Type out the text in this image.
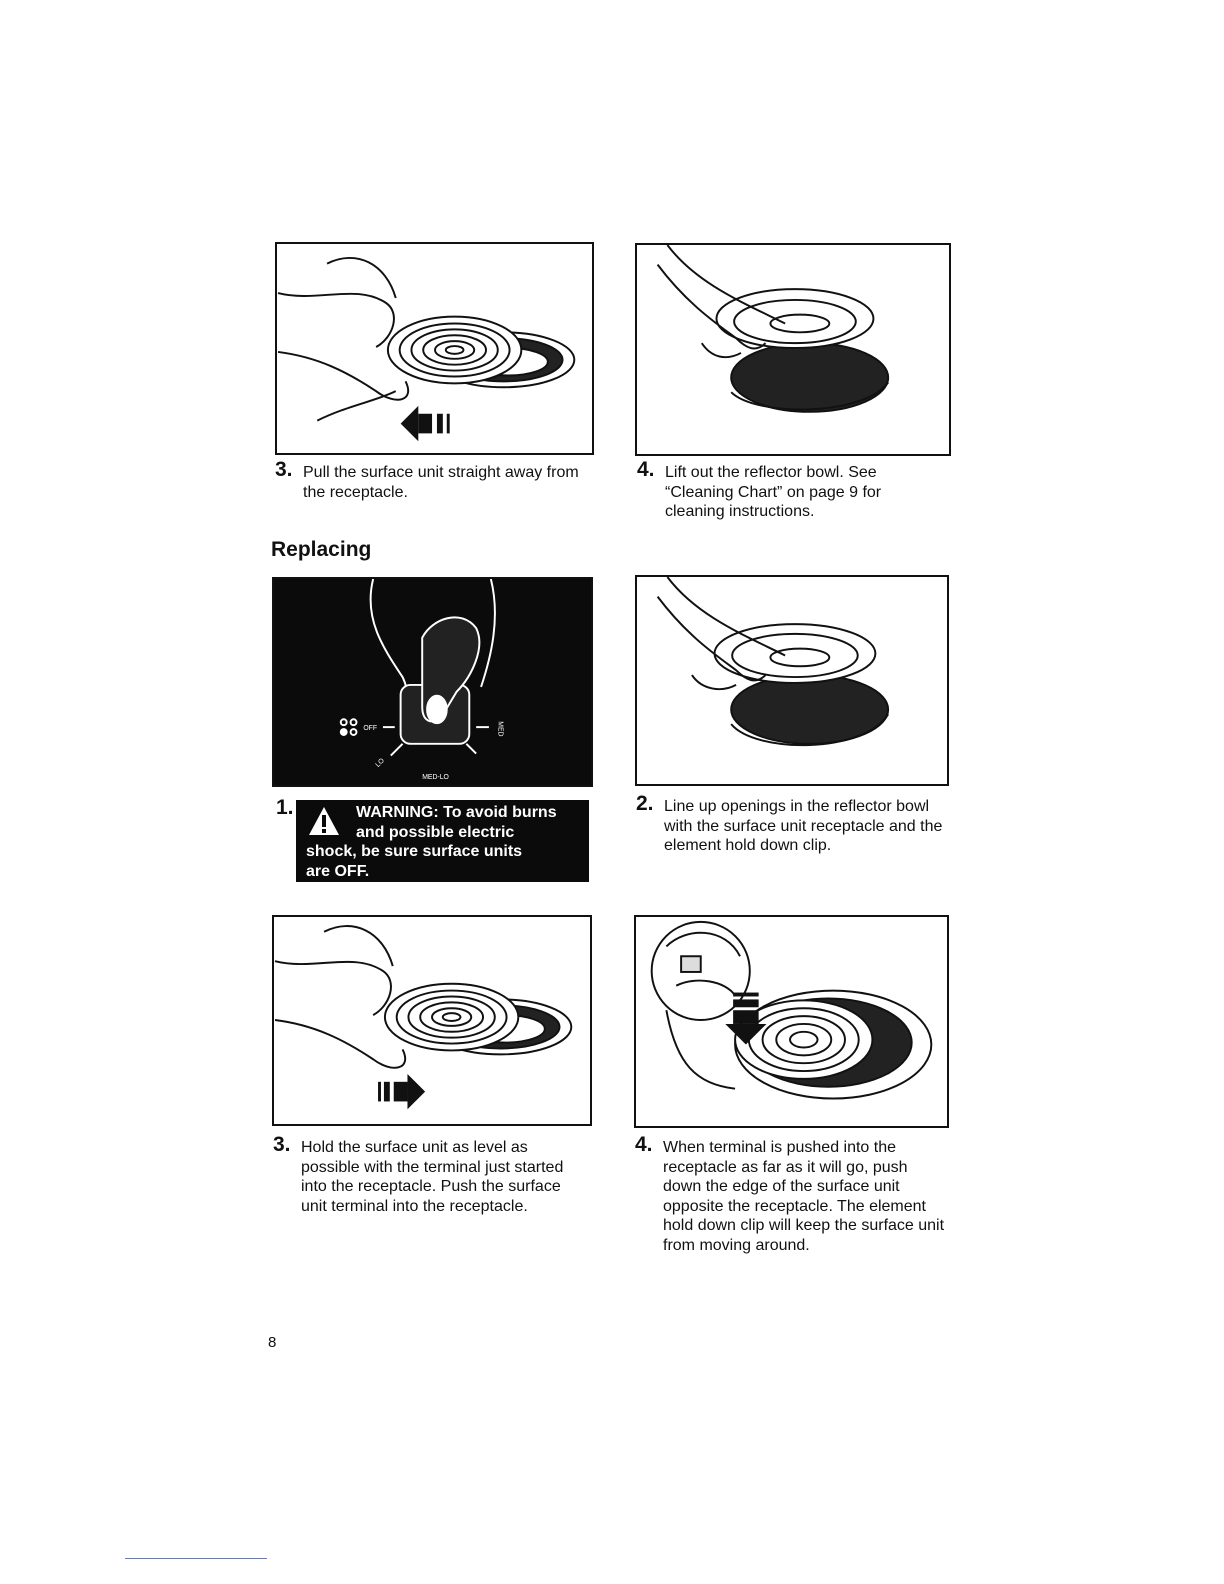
3. Pull the surface unit straight away from the receptacle.
4. Lift out the reflector bowl. See “Cleaning Chart” on page 9 for cleaning instructions.
Replacing
OFF
LO
MED-LO
MED
1.	WARNING: To avoid burns
and possible electric
shock, be sure surface units
are OFF.
2. Line up openings in the reflector bowl with the surface unit receptacle and the element hold down clip.
3. Hold the surface unit as level as possible with the terminal just started into the receptacle. Push the surface unit terminal into the receptacle.
4. When terminal is pushed into the receptacle as far as it will go, push down the edge of the surface unit opposite the receptacle. The element hold down clip will keep the surface unit from moving around.
8
